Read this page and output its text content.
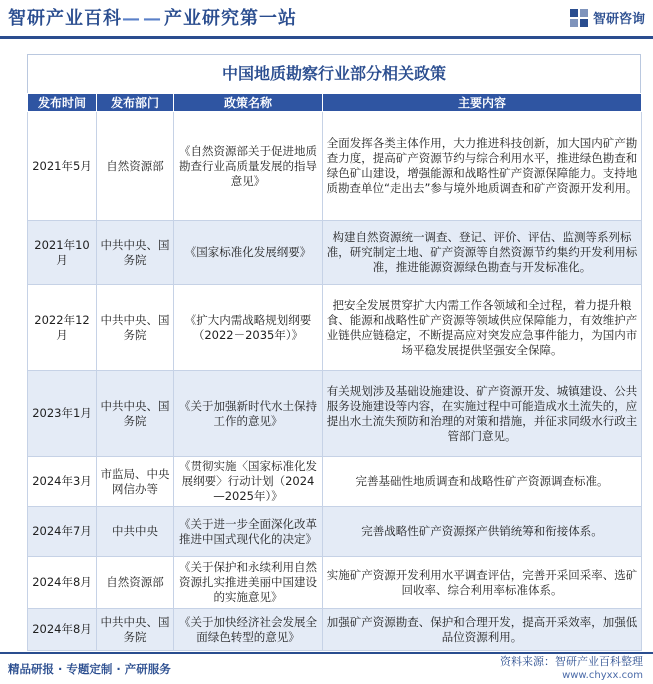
智研产业百科——产业研究第一站	智研咨询
中国地质勘察行业部分相关政策
发布时间	发布部门	政策名称	主要内容
2021年5月	自然资源部	《自然资源部关于促进地质勘查行业高质量发展的指导意见》	全面发挥各类主体作用，大力推进科技创新，加大国内矿产勘查力度，提高矿产资源节约与综合利用水平，推进绿色勘查和绿色矿山建设，增强能源和战略性矿产资源保障能力。支持地质勘查单位“走出去”参与境外地质调查和矿产资源开发利用。
2021年10月	中共中央、国务院	《国家标准化发展纲要》	构建自然资源统一调查、登记、评价、评估、监测等系列标准，研究制定土地、矿产资源等自然资源节约集约开发利用标准，推进能源资源绿色勘查与开发标准化。
2022年12月	中共中央、国务院	《扩大内需战略规划纲要（2022－2035年）》	把安全发展贯穿扩大内需工作各领域和全过程，着力提升粮食、能源和战略性矿产资源等领域供应保障能力，有效维护产业链供应链稳定，不断提高应对突发应急事件能力，为国内市场平稳发展提供坚强安全保障。
2023年1月	中共中央、国务院	《关于加强新时代水土保持工作的意见》	有关规划涉及基础设施建设、矿产资源开发、城镇建设、公共服务设施建设等内容，在实施过程中可能造成水土流失的，应提出水土流失预防和治理的对策和措施，并征求同级水行政主管部门意见。
2024年3月	市监局、中央网信办等	《贯彻实施〈国家标准化发展纲要〉行动计划（2024—2025年）》	完善基础性地质调查和战略性矿产资源调查标准。
2024年7月	中共中央	《关于进一步全面深化改革推进中国式现代化的决定》	完善战略性矿产资源探产供销统筹和衔接体系。
2024年8月	自然资源部	《关于保护和永续利用自然资源扎实推进美丽中国建设的实施意见》	实施矿产资源开发利用水平调查评估，完善开采回采率、选矿回收率、综合利用率标准体系。
2024年8月	中共中央、国务院	《关于加快经济社会发展全面绿色转型的意见》	加强矿产资源勘查、保护和合理开发，提高开采效率，加强低品位资源利用。
精品研报 · 专题定制 · 产研服务
资料来源：智研产业百科整理
www.chyxx.com
